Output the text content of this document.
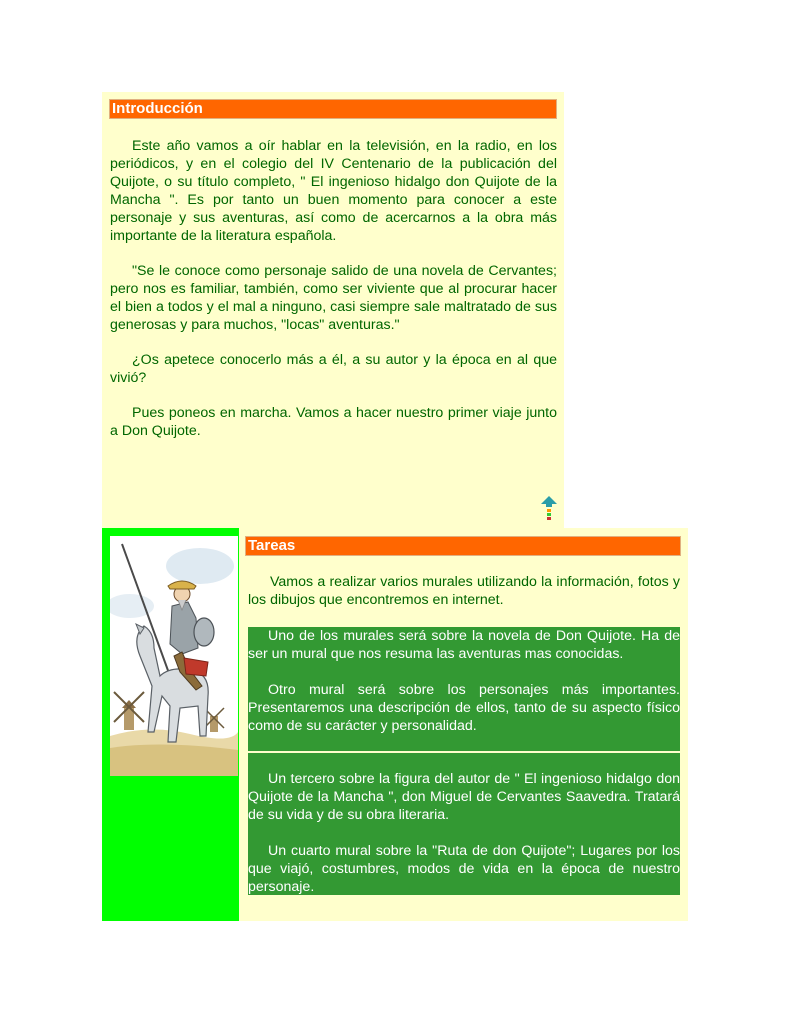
Introducción

Este año vamos a oír hablar en la televisión, en la radio, en los periódicos, y en el colegio del IV Centenario de la publicación del Quijote, o su título completo, " El ingenioso hidalgo don Quijote de la Mancha ". Es por tanto un buen momento para conocer a este personaje y sus aventuras, así como de acercarnos a la obra más importante de la literatura española.

"Se le conoce como personaje salido de una novela de Cervantes; pero nos es familiar, también, como ser viviente que al procurar hacer el bien a todos y el mal a ninguno, casi siempre sale maltratado de sus generosas y para muchos, "locas" aventuras."

¿Os apetece conocerlo más a él, a su autor y la época en al que vivió?

Pues poneos en marcha. Vamos a hacer nuestro primer viaje junto a Don Quijote.

Tareas

Vamos a realizar varios murales utilizando la información, fotos y los dibujos que encontremos en internet.

Uno de los murales será sobre la novela de Don Quijote. Ha de ser un mural que nos resuma las aventuras mas conocidas.

Otro mural será sobre los personajes más importantes. Presentaremos una descripción de ellos, tanto de su aspecto físico como de su carácter y personalidad.

Un tercero sobre la figura del autor de " El ingenioso hidalgo don Quijote de la Mancha ", don Miguel de Cervantes Saavedra. Tratará de su vida y de su obra literaria.

Un cuarto mural sobre la "Ruta de don Quijote"; Lugares por los que viajó, costumbres, modos de vida en la época de nuestro personaje.
